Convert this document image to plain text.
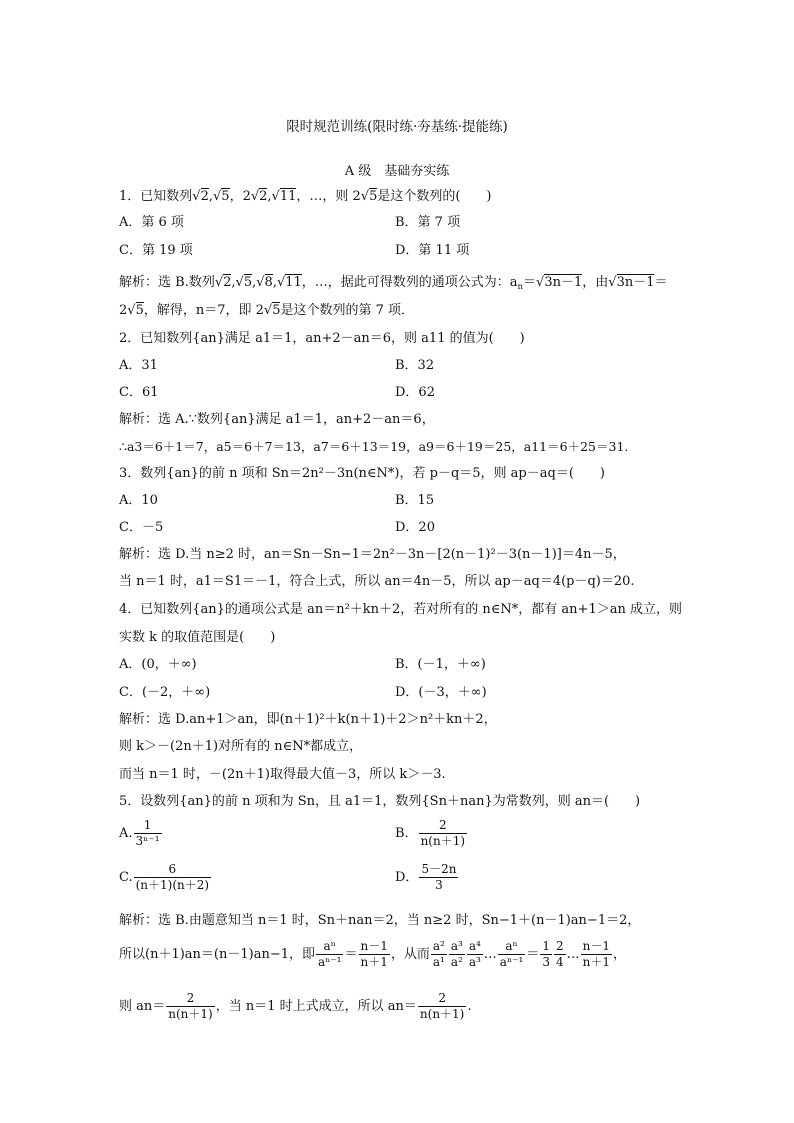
限时规范训练(限时练·夯基练·提能练)
A 级　基础夯实练
1．已知数列√2,√5，2√2,√11，…，则 2√5是这个数列的(　　)
A．第 6 项	B．第 7 项
C．第 19 项	D．第 11 项
解析：选 B.数列√2,√5,√8,√11，…，据此可得数列的通项公式为：$a_n=√3n-1$，由√3n－1＝
2√5，解得，n＝7，即 2√5是这个数列的第 7 项．
2．已知数列{an}满足 a1＝1，an+2－an＝6，则 a11 的值为(　　)
A．31	B．32
C．61	D．62
解析：选 A.∵数列{an}满足 a1＝1，an+2－an＝6，
∴a3＝6＋1＝7，a5＝6＋7＝13，a7＝6＋13＝19，a9＝6＋19＝25，a11＝6＋25＝31.
3．数列{an}的前 n 项和 Sn＝2n²－3n(n∈N*)，若 p－q＝5，则 ap－aq＝(　　)
A．10	B．15
C．－5	D．20
解析：选 D.当 n≥2 时，an＝Sn－Sn−1＝2n²－3n－[2(n－1)²－3(n－1)]＝4n－5，
当 n＝1 时，a1＝S1＝－1，符合上式，所以 an＝4n－5，所以 ap－aq＝4(p－q)＝20.
4．已知数列{an}的通项公式是 an＝n²＋kn＋2，若对所有的 n∈N*，都有 an+1＞an 成立，则
实数 k 的取值范围是(　　)
A．(0，＋∞)	B．(－1，＋∞)
C．(－2，＋∞)	D．(－3，＋∞)
解析：选 D.an+1＞an，即(n＋1)²＋k(n＋1)＋2＞n²＋kn＋2，
则 k＞－(2n＋1)对所有的 n∈N*都成立，
而当 n＝1 时，－(2n＋1)取得最大值－3，所以 k＞－3.
5．设数列{an}的前 n 项和为 Sn，且 a1＝1，数列{Sn＋nan}为常数列，则 an＝(　　)
A. $\frac{1}{\text{3ⁿ⁻¹}}$	B． $\frac{2}{n(n+1)}$
C. $\frac{6}{(n+1)(n+2)}$	D． $\frac{5-2n}{3}$
解析：选 B.由题意知当 n＝1 时，Sn＋nan＝2，当 n≥2 时，Sn−1＋(n－1)an−1＝2，
所以(n＋1)an＝(n－1)an−1，即 $\frac{\text{aⁿ}}{\text{aⁿ⁻¹}} = \frac{n-1}{n+1}$ ，从而 $\frac{\text{a²}}{\text{a¹}} \frac{\text{a³}}{\text{a²}} \frac{\text{a⁴}}{\text{a³}}$ … $\frac{\text{aⁿ}}{\text{aⁿ⁻¹}} = \frac{1}{3} \frac{2}{4}$ … $\frac{n-1}{n+1}$ ，
则 $an= \frac{2}{n(n+1)}$ ，当 n＝1 时上式成立，所以 $an= \frac{2}{n(n+1)}$ .
